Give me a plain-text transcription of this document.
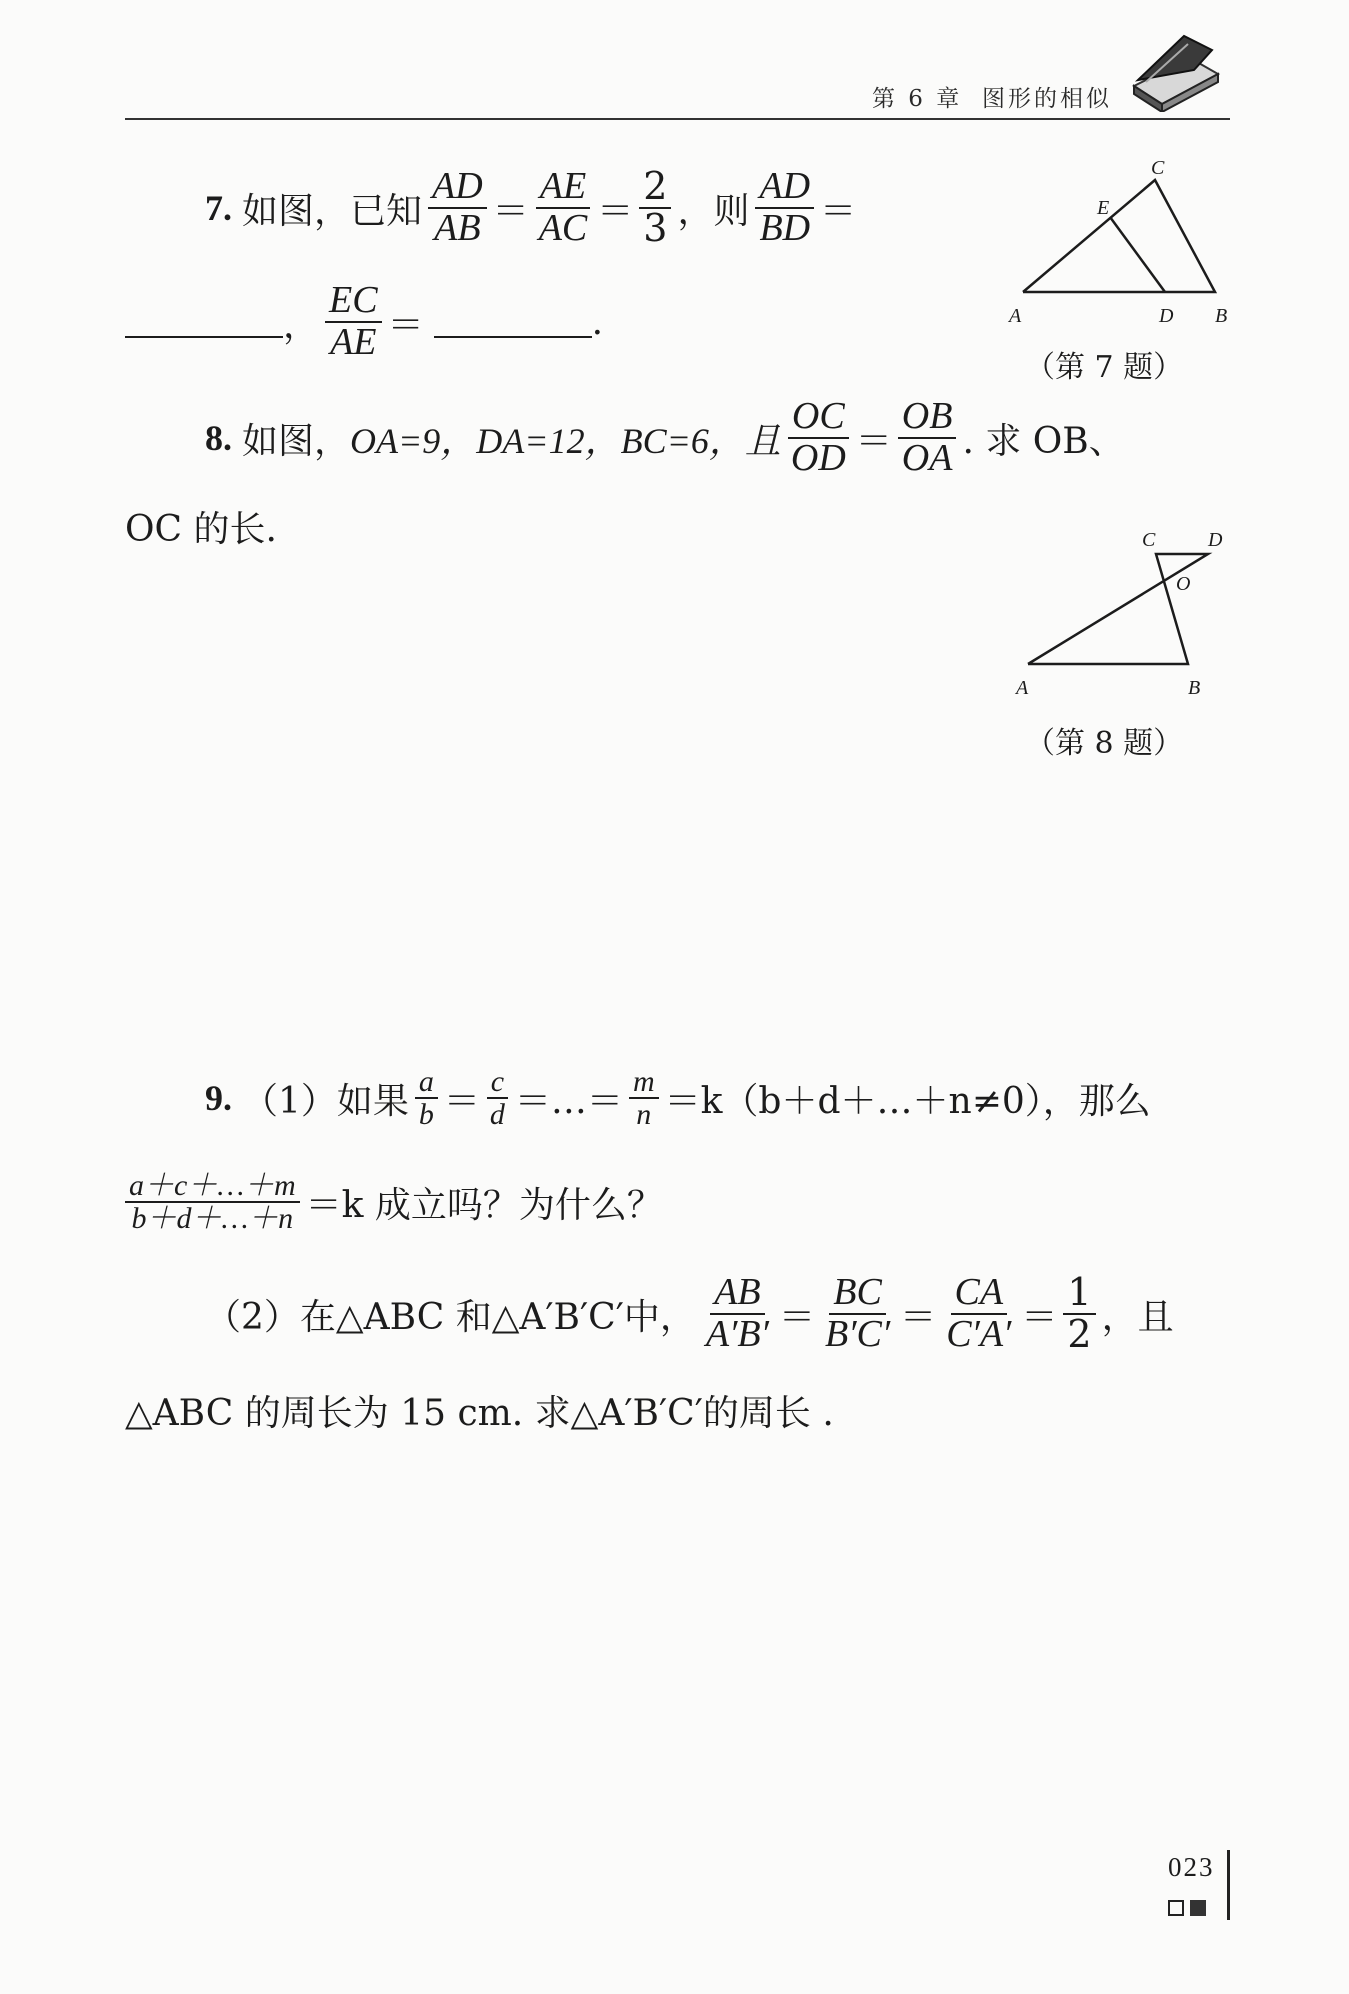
第 6 章 图形的相似
7. 如图，已知 $\frac{AD}{AB} = \frac{AE}{AC} = \frac{2}{3}$ ，则 $\frac{AD}{BD}$ ＝
， $\frac{EC}{AE}$ ＝	.	A	B
C
D
E
（第 7 题）
8. 如图， OA=9，DA=12，BC=6，且 $\frac{OC}{OD} = \frac{OB}{OA}$ . 求 OB、
OC 的长.
A	B
C	D
O
（第 8 题）
9. （1）如果 $\frac{a}{b} = \frac{c}{d}$ ＝…＝ $\frac{m}{n}$ ＝k（b＋d＋…＋n≠0），那么
$\frac{a+c+\dots+m}{b+d+\dots+n} =k$ 成立吗？为什么？
（2）在△ABC 和△A′B′C′中， $\frac{AB}{A'B'} = \frac{BC}{B'C'} = \frac{CA}{C'A'} = \frac{1}{2}$ ，且
△ABC 的周长为 15 cm. 求△A′B′C′的周长 .
023
